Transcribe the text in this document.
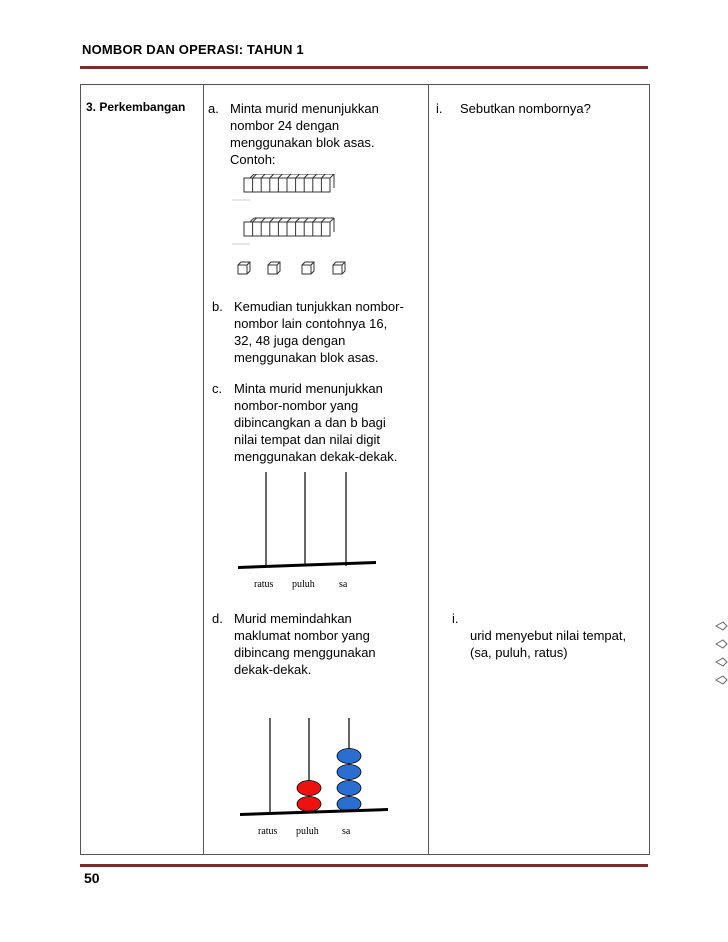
NOMBOR DAN OPERASI: TAHUN 1
3. Perkembangan a. Minta murid menunjukkan
nombor 24 dengan
menggunakan blok asas.
Contoh:
b. Kemudian tunjukkan nombor-
nombor lain contohnya 16,
32, 48 juga dengan
menggunakan blok asas.
c. Minta murid menunjukkan
nombor-nombor yang
dibincangkan a dan b bagi
nilai tempat dan nilai digit
menggunakan dekak-dekak.
ratus puluh sa
d. Murid memindahkan
maklumat nombor yang
dibincang menggunakan
dekak-dekak.
ratus puluh sa
i. Sebutkan nombornya?
i.
urid menyebut nilai tempat,
(sa, puluh, ratus)
50
